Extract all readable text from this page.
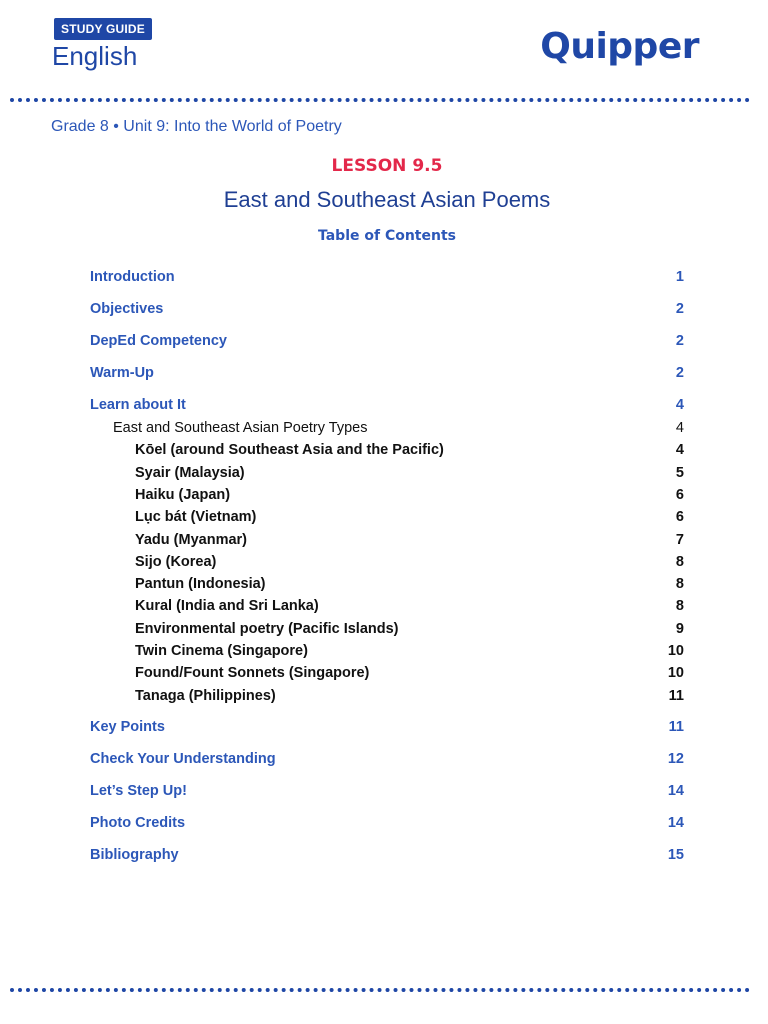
STUDY GUIDE
English	Quipper
Grade 8 • Unit 9: Into the World of Poetry
LESSON 9.5
East and Southeast Asian Poems
Table of Contents
Introduction	1
Objectives	2
DepEd Competency	2
Warm-Up	2
Learn about It	4
East and Southeast Asian Poetry Types	4
Kōel (around Southeast Asia and the Pacific)	4
Syair (Malaysia)	5
Haiku (Japan)	6
Lục bát (Vietnam)	6
Yadu (Myanmar)	7
Sijo (Korea)	8
Pantun (Indonesia)	8
Kural (India and Sri Lanka)	8
Environmental poetry (Pacific Islands)	9
Twin Cinema (Singapore)	10
Found/Fount Sonnets (Singapore)	10
Tanaga (Philippines)	11
Key Points	11
Check Your Understanding	12
Let’s Step Up!	14
Photo Credits	14
Bibliography	15
